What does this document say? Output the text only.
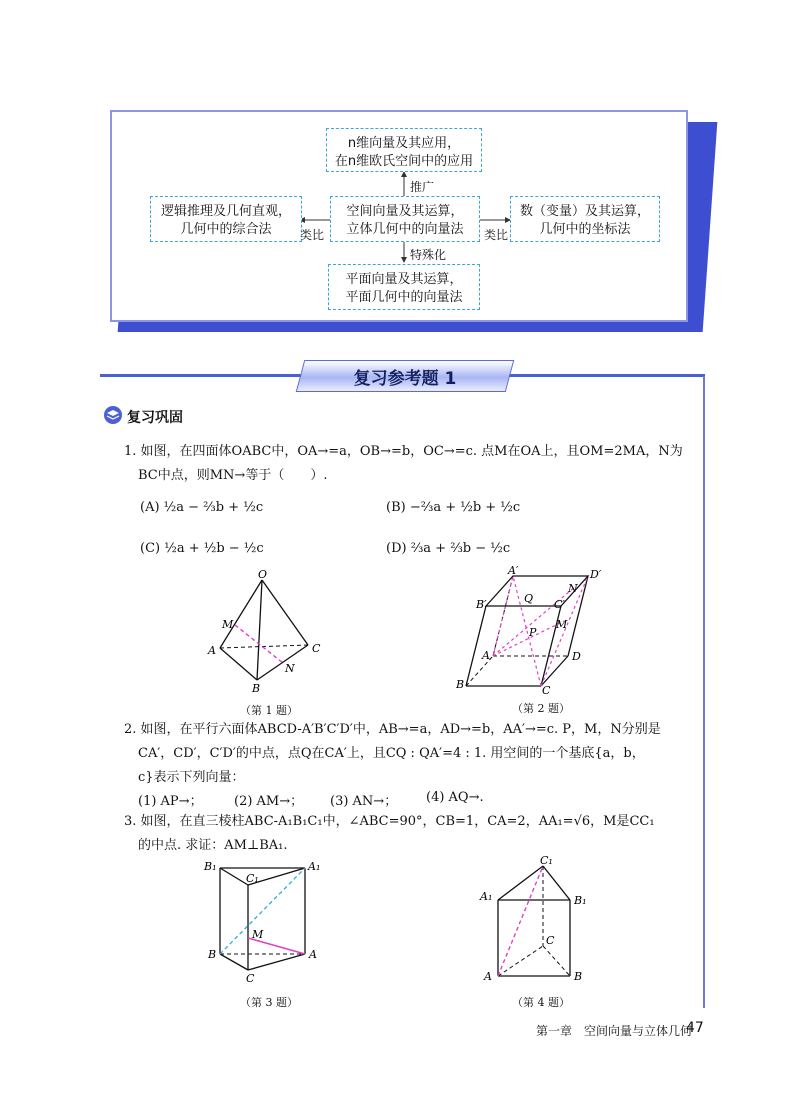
n维向量及其应用，
在n维欧氏空间中的应用
空间向量及其运算，
立体几何中的向量法
逻辑推理及几何直观，
几何中的综合法
数（变量）及其运算，
几何中的坐标法
平面向量及其运算，
平面几何中的向量法
推广
特殊化
类比	类比
复习参考题 1
复习巩固
1. 如图，在四面体OABC中，OA→=a，OB→=b，OC→=c. 点M在OA上，且OM=2MA，N为
BC中点，则MN→等于（　　）.
(A) ½a − ⅔b + ½c	(B) −⅔a + ½b + ½c
(C) ½a + ½b − ½c	(D) ⅔a + ⅔b − ½c
O
M
A	C
N
B
（第 1 题）
A′	D′
B′	Q
N
C′
P
M
A	D
B	C
（第 2 题）
2. 如图，在平行六面体ABCD-A′B′C′D′中，AB→=a，AD→=b，AA′→=c. P，M，N分别是
CA′，CD′，C′D′的中点，点Q在CA′上，且CQ : QA′=4 : 1. 用空间的一个基底{a，b，
c}表示下列向量：
(1) AP→； (2) AM→； (3) AN→； (4) AQ→.
3. 如图，在直三棱柱ABC-A₁B₁C₁中，∠ABC=90°，CB=1，CA=2，AA₁=√6，M是CC₁
的中点. 求证：AM⊥BA₁.
B₁	A₁
C₁
M
B	A
C
（第 3 题）
C₁
A₁	B₁
C
A	B
（第 4 题）
第一章　空间向量与立体几何
47
